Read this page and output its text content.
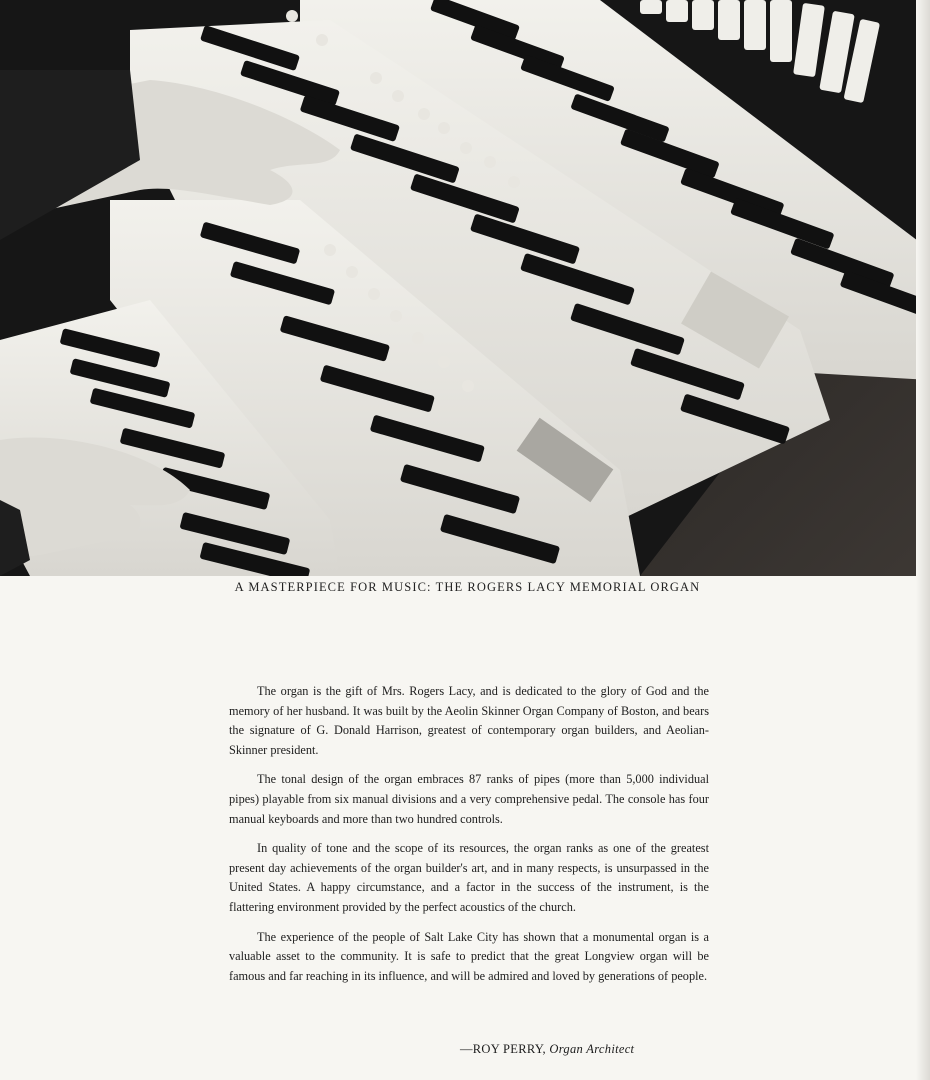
A MASTERPIECE FOR MUSIC: THE ROGERS LACY MEMORIAL ORGAN

The organ is the gift of Mrs. Rogers Lacy, and is dedicated to the glory of God and the memory of her husband. It was built by the Aeolin Skinner Organ Company of Boston, and bears the signature of G. Donald Harrison, greatest of contemporary organ builders, and Aeolian-Skinner president.

The tonal design of the organ embraces 87 ranks of pipes (more than 5,000 individual pipes) playable from six manual divisions and a very comprehensive pedal. The console has four manual keyboards and more than two hundred controls.

In quality of tone and the scope of its resources, the organ ranks as one of the greatest present day achievements of the organ builder's art, and in many respects, is unsurpassed in the United States. A happy circumstance, and a factor in the success of the instrument, is the flattering environment provided by the perfect acoustics of the church.

The experience of the people of Salt Lake City has shown that a monumental organ is a valuable asset to the community. It is safe to predict that the great Longview organ will be famous and far reaching in its influence, and will be admired and loved by generations of people.

—ROY PERRY, Organ Architect
